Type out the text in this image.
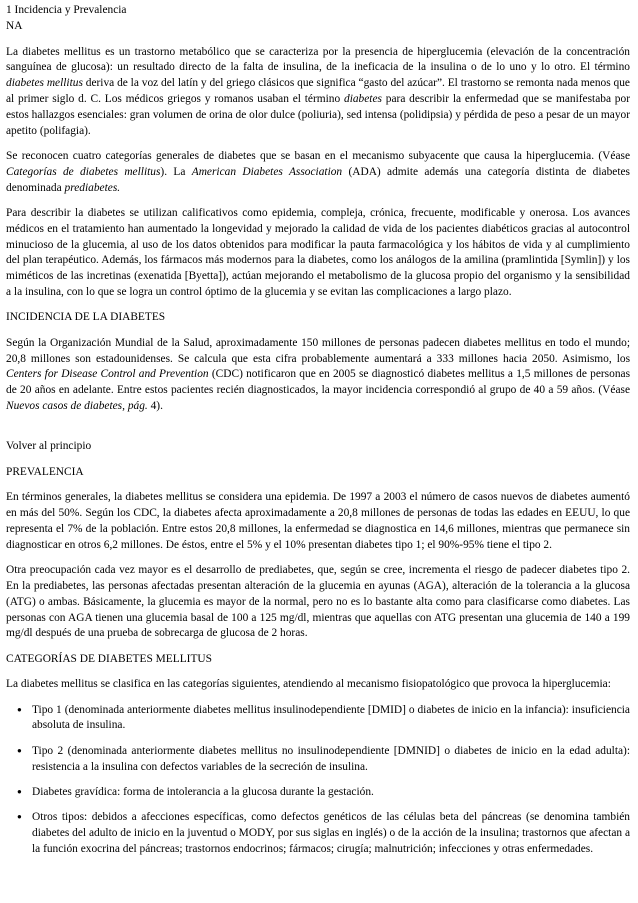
1 Incidencia y Prevalencia

NA

La diabetes mellitus es un trastorno metabólico que se caracteriza por la presencia de hiperglucemia (elevación de la concentración sanguínea de glucosa): un resultado directo de la falta de insulina, de la ineficacia de la insulina o de lo uno y lo otro. El término diabetes mellitus deriva de la voz del latín y del griego clásicos que significa “gasto del azúcar”. El trastorno se remonta nada menos que al primer siglo d. C. Los médicos griegos y romanos usaban el término diabetes para describir la enfermedad que se manifestaba por estos hallazgos esenciales: gran volumen de orina de olor dulce (poliuria), sed intensa (polidipsia) y pérdida de peso a pesar de un mayor apetito (polifagia).

Se reconocen cuatro categorías generales de diabetes que se basan en el mecanismo subyacente que causa la hiperglucemia. (Véase Categorías de diabetes mellitus). La American Diabetes Association (ADA) admite además una categoría distinta de diabetes denominada prediabetes.

Para describir la diabetes se utilizan calificativos como epidemia, compleja, crónica, frecuente, modificable y onerosa. Los avances médicos en el tratamiento han aumentado la longevidad y mejorado la calidad de vida de los pacientes diabéticos gracias al autocontrol minucioso de la glucemia, al uso de los datos obtenidos para modificar la pauta farmacológica y los hábitos de vida y al cumplimiento del plan terapéutico. Además, los fármacos más modernos para la diabetes, como los análogos de la amilina (pramlintida [Symlin]) y los miméticos de las incretinas (exenatida [Byetta]), actúan mejorando el metabolismo de la glucosa propio del organismo y la sensibilidad a la insulina, con lo que se logra un control óptimo de la glucemia y se evitan las complicaciones a largo plazo.

INCIDENCIA DE LA DIABETES

Según la Organización Mundial de la Salud, aproximadamente 150 millones de personas padecen diabetes mellitus en todo el mundo; 20,8 millones son estadounidenses. Se calcula que esta cifra probablemente aumentará a 333 millones hacia 2050. Asimismo, los Centers for Disease Control and Prevention (CDC) notificaron que en 2005 se diagnosticó diabetes mellitus a 1,5 millones de personas de 20 años en adelante. Entre estos pacientes recién diagnosticados, la mayor incidencia correspondió al grupo de 40 a 59 años. (Véase Nuevos casos de diabetes, pág. 4).

Volver al principio

PREVALENCIA

En términos generales, la diabetes mellitus se considera una epidemia. De 1997 a 2003 el número de casos nuevos de diabetes aumentó en más del 50%. Según los CDC, la diabetes afecta aproximadamente a 20,8 millones de personas de todas las edades en EEUU, lo que representa el 7% de la población. Entre estos 20,8 millones, la enfermedad se diagnostica en 14,6 millones, mientras que permanece sin diagnosticar en otros 6,2 millones. De éstos, entre el 5% y el 10% presentan diabetes tipo 1; el 90%-95% tiene el tipo 2.

Otra preocupación cada vez mayor es el desarrollo de prediabetes, que, según se cree, incrementa el riesgo de padecer diabetes tipo 2. En la prediabetes, las personas afectadas presentan alteración de la glucemia en ayunas (AGA), alteración de la tolerancia a la glucosa (ATG) o ambas. Básicamente, la glucemia es mayor de la normal, pero no es lo bastante alta como para clasificarse como diabetes. Las personas con AGA tienen una glucemia basal de 100 a 125 mg/dl, mientras que aquellas con ATG presentan una glucemia de 140 a 199 mg/dl después de una prueba de sobrecarga de glucosa de 2 horas.

CATEGORÍAS DE DIABETES MELLITUS

La diabetes mellitus se clasifica en las categorías siguientes, atendiendo al mecanismo fisiopatológico que provoca la hiperglucemia:

●
Tipo 1 (denominada anteriormente diabetes mellitus insulinodependiente [DMID] o diabetes de inicio en la infancia): insuficiencia absoluta de insulina.
●
Tipo 2 (denominada anteriormente diabetes mellitus no insulinodependiente [DMNID] o diabetes de inicio en la edad adulta): resistencia a la insulina con defectos variables de la secreción de insulina.
●
Diabetes gravídica: forma de intolerancia a la glucosa durante la gestación.
●
Otros tipos: debidos a afecciones específicas, como defectos genéticos de las células beta del páncreas (se denomina también diabetes del adulto de inicio en la juventud o MODY, por sus siglas en inglés) o de la acción de la insulina; trastornos que afectan a la función exocrina del páncreas; trastornos endocrinos; fármacos; cirugía; malnutrición; infecciones y otras enfermedades.
